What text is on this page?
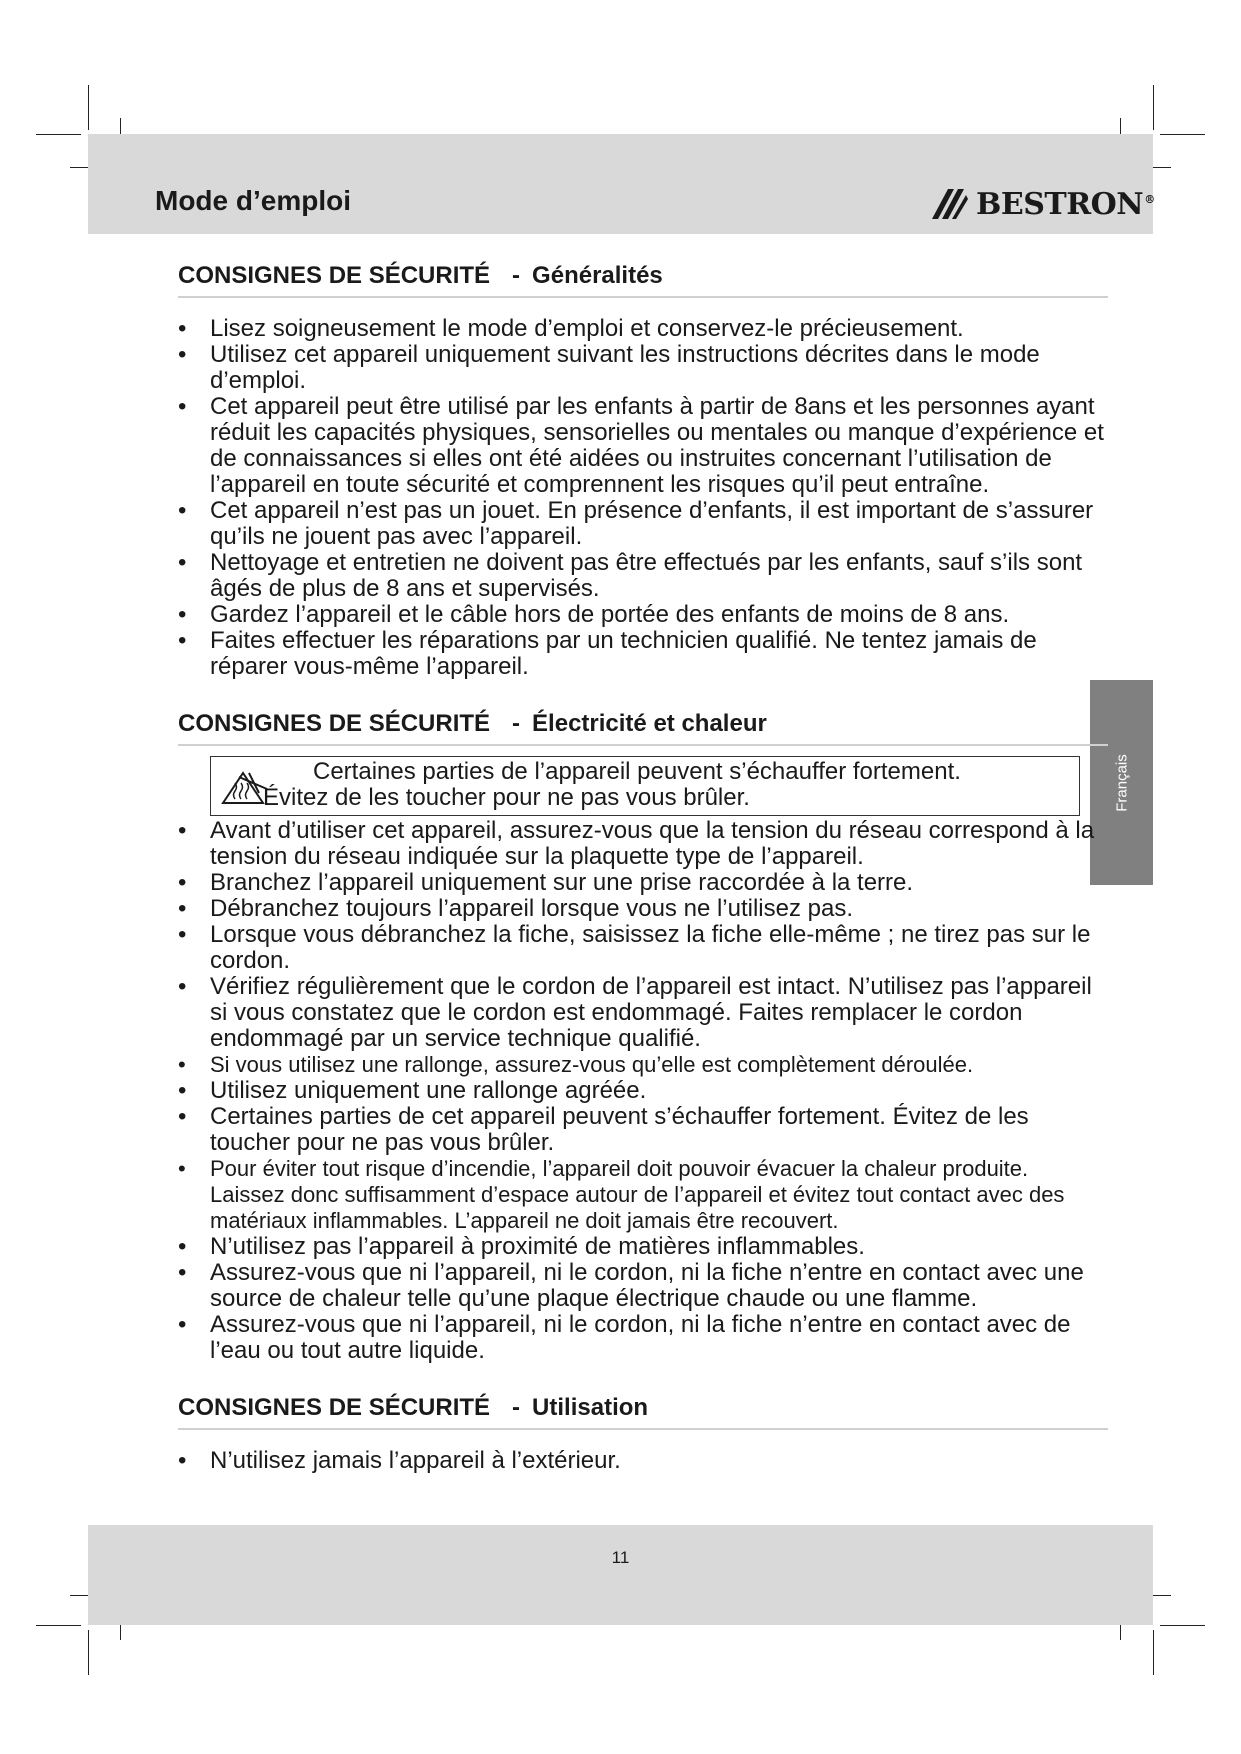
Mode d’emploi	BESTRON®
Français
CONSIGNES DE SÉCURITÉ - Généralités
• Lisez soigneusement le mode d’emploi et conservez-le précieusement.
• Utilisez cet appareil uniquement suivant les instructions décrites dans le mode d’emploi.
• Cet appareil peut être utilisé par les enfants à partir de 8ans et les personnes ayant réduit les capacités physiques, sensorielles ou mentales ou manque d’expérience et de connaissances si elles ont été aidées ou instruites concernant l’utilisation de l’appareil en toute sécurité et comprennent les risques qu’il peut entraîne.
• Cet appareil n’est pas un jouet. En présence d’enfants, il est important de s’assurer qu’ils ne jouent pas avec l’appareil.
• Nettoyage et entretien ne doivent pas être effectués par les enfants, sauf s’ils sont âgés de plus de 8 ans et supervisés.
• Gardez l’appareil et le câble hors de portée des enfants de moins de 8 ans.
• Faites effectuer les réparations par un technicien qualifié. Ne tentez jamais de réparer vous-même l’appareil.
CONSIGNES DE SÉCURITÉ - Électricité et chaleur
Certaines parties de l’appareil peuvent s’échauffer fortement.
Évitez de les toucher pour ne pas vous brûler.
• Avant d’utiliser cet appareil, assurez-vous que la tension du réseau correspond à la tension du réseau indiquée sur la plaquette type de l’appareil.
• Branchez l’appareil uniquement sur une prise raccordée à la terre.
• Débranchez toujours l’appareil lorsque vous ne l’utilisez pas.
• Lorsque vous débranchez la fiche, saisissez la fiche elle-même ; ne tirez pas sur le cordon.
• Vérifiez régulièrement que le cordon de l’appareil est intact. N’utilisez pas l’appareil si vous constatez que le cordon est endommagé. Faites remplacer le cordon endommagé par un service technique qualifié.
• Si vous utilisez une rallonge, assurez-vous qu’elle est complètement déroulée.
• Utilisez uniquement une rallonge agréée.
• Certaines parties de cet appareil peuvent s’échauffer fortement. Évitez de les toucher pour ne pas vous brûler.
• Pour éviter tout risque d’incendie, l’appareil doit pouvoir évacuer la chaleur produite. Laissez donc suffisamment d’espace autour de l’appareil et évitez tout contact avec des matériaux inflammables. L’appareil ne doit jamais être recouvert.
• N’utilisez pas l’appareil à proximité de matières inflammables.
• Assurez-vous que ni l’appareil, ni le cordon, ni la fiche n’entre en contact avec une source de chaleur telle qu’une plaque électrique chaude ou une flamme.
• Assurez-vous que ni l’appareil, ni le cordon, ni la fiche n’entre en contact avec de l’eau ou tout autre liquide.
CONSIGNES DE SÉCURITÉ - Utilisation
• N’utilisez jamais l’appareil à l’extérieur.
11
